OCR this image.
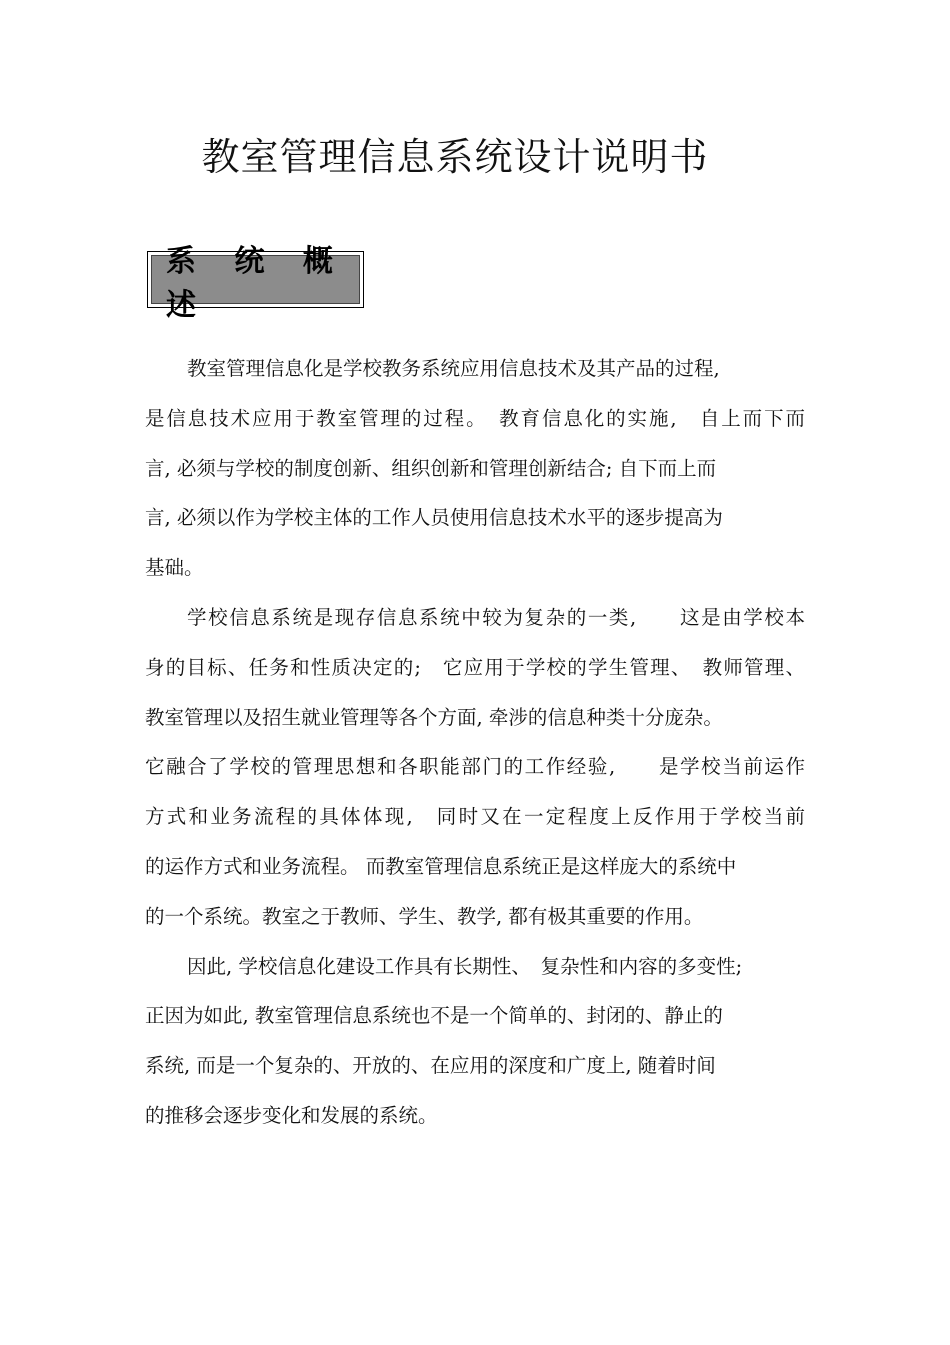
教室管理信息系统设计说明书
系 统 概 述
教室管理信息化是学校教务系统应用信息技术及其产品的过程,
是信息技术应用于教室管理的过程。　教育信息化的实施,　自上而下而
言, 必须与学校的制度创新、组织创新和管理创新结合; 自下而上而
言, 必须以作为学校主体的工作人员使用信息技术水平的逐步提高为
基础。
学校信息系统是现存信息系统中较为复杂的一类,　　这是由学校本
身的目标、任务和性质决定的;　它应用于学校的学生管理、　教师管理、
教室管理以及招生就业管理等各个方面, 牵涉的信息种类十分庞杂。
它融合了学校的管理思想和各职能部门的工作经验,　　是学校当前运作
方式和业务流程的具体体现,　同时又在一定程度上反作用于学校当前
的运作方式和业务流程。 而教室管理信息系统正是这样庞大的系统中
的一个系统。教室之于教师、学生、教学, 都有极其重要的作用。
因此, 学校信息化建设工作具有长期性、　复杂性和内容的多变性;
正因为如此, 教室管理信息系统也不是一个简单的、封闭的、静止的
系统, 而是一个复杂的、开放的、在应用的深度和广度上, 随着时间
的推移会逐步变化和发展的系统。
